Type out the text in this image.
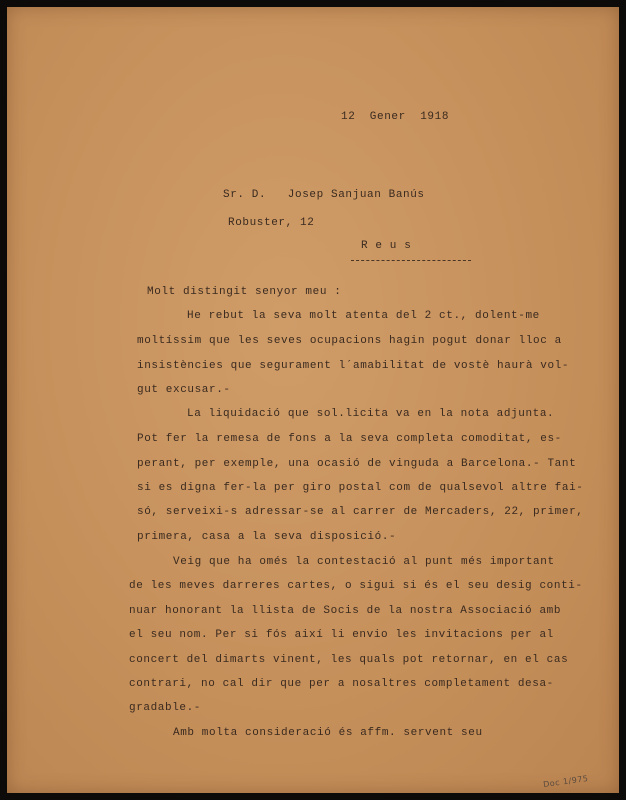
12  Gener  1918

Sr. D.   Josep Sanjuan Banús

Robuster, 12

R e u s

Molt distingit senyor meu :

He rebut la seva molt atenta del 2 ct., dolent-me

moltíssim que les seves ocupacions hagin pogut donar lloc a

insistències que segurament l´amabilitat de vostè haurà vol-

gut excusar.-

La liquidació que sol.licita va en la nota adjunta.

Pot fer la remesa de fons a la seva completa comoditat, es-

perant, per exemple, una ocasió de vinguda a Barcelona.- Tant

si es digna fer-la per giro postal com de qualsevol altre fai-

só, serveixi-s adressar-se al carrer de Mercaders, 22, primer,

primera, casa a la seva disposició.-

Veig que ha omés la contestació al punt més important

de les meves darreres cartes, o sigui si és el seu desig conti-

nuar honorant la llista de Socis de la nostra Associació amb

el seu nom. Per si fós així li envio les invitacions per al

concert del dimarts vinent, les quals pot retornar, en el cas

contrari, no cal dir que per a nosaltres completament desa-

gradable.-

Amb molta consideració és affm. servent seu

Doc 1/975
